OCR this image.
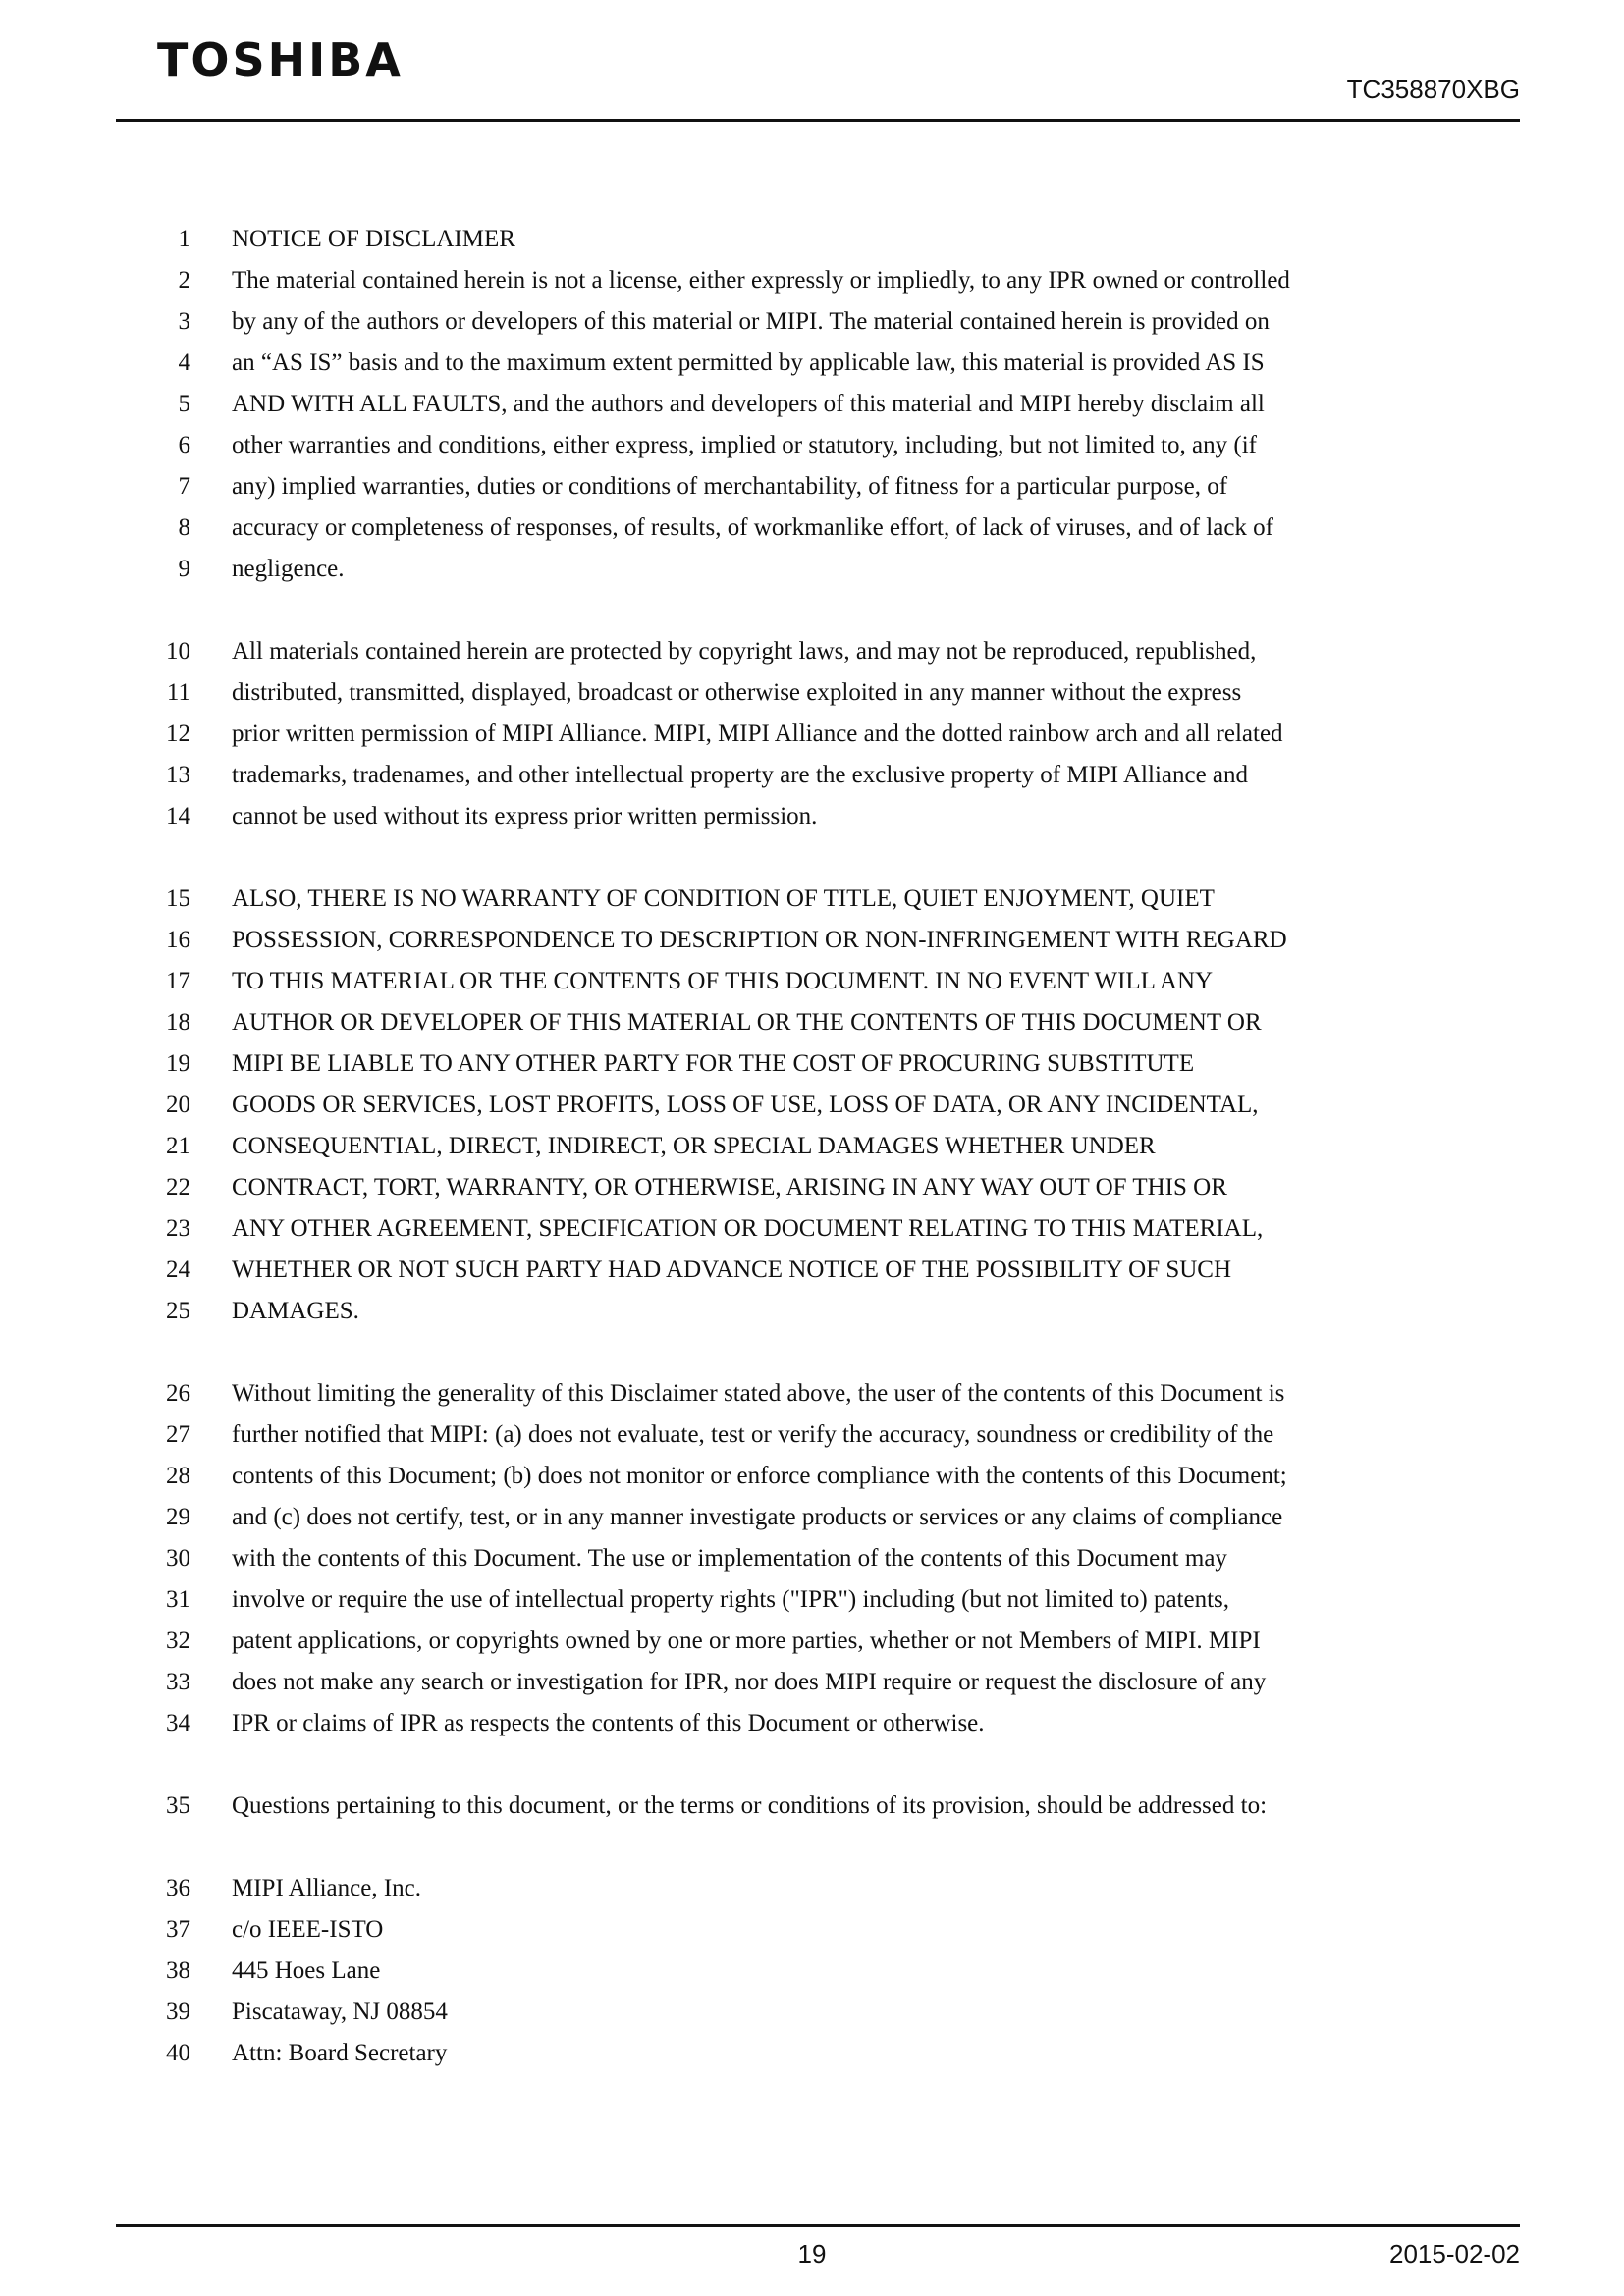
TOSHIBA
TC358870XBG
1 NOTICE OF DISCLAIMER
2 The material contained herein is not a license, either expressly or impliedly, to any IPR owned or controlled
3 by any of the authors or developers of this material or MIPI. The material contained herein is provided on
4 an “AS IS” basis and to the maximum extent permitted by applicable law, this material is provided AS IS
5 AND WITH ALL FAULTS, and the authors and developers of this material and MIPI hereby disclaim all
6 other warranties and conditions, either express, implied or statutory, including, but not limited to, any (if
7 any) implied warranties, duties or conditions of merchantability, of fitness for a particular purpose, of
8 accuracy or completeness of responses, of results, of workmanlike effort, of lack of viruses, and of lack of
9 negligence.
10 All materials contained herein are protected by copyright laws, and may not be reproduced, republished,
11 distributed, transmitted, displayed, broadcast or otherwise exploited in any manner without the express
12 prior written permission of MIPI Alliance. MIPI, MIPI Alliance and the dotted rainbow arch and all related
13 trademarks, tradenames, and other intellectual property are the exclusive property of MIPI Alliance and
14 cannot be used without its express prior written permission.
15 ALSO, THERE IS NO WARRANTY OF CONDITION OF TITLE, QUIET ENJOYMENT, QUIET
16 POSSESSION, CORRESPONDENCE TO DESCRIPTION OR NON-INFRINGEMENT WITH REGARD
17 TO THIS MATERIAL OR THE CONTENTS OF THIS DOCUMENT. IN NO EVENT WILL ANY
18 AUTHOR OR DEVELOPER OF THIS MATERIAL OR THE CONTENTS OF THIS DOCUMENT OR
19 MIPI BE LIABLE TO ANY OTHER PARTY FOR THE COST OF PROCURING SUBSTITUTE
20 GOODS OR SERVICES, LOST PROFITS, LOSS OF USE, LOSS OF DATA, OR ANY INCIDENTAL,
21 CONSEQUENTIAL, DIRECT, INDIRECT, OR SPECIAL DAMAGES WHETHER UNDER
22 CONTRACT, TORT, WARRANTY, OR OTHERWISE, ARISING IN ANY WAY OUT OF THIS OR
23 ANY OTHER AGREEMENT, SPECIFICATION OR DOCUMENT RELATING TO THIS MATERIAL,
24 WHETHER OR NOT SUCH PARTY HAD ADVANCE NOTICE OF THE POSSIBILITY OF SUCH
25 DAMAGES.
26 Without limiting the generality of this Disclaimer stated above, the user of the contents of this Document is
27 further notified that MIPI: (a) does not evaluate, test or verify the accuracy, soundness or credibility of the
28 contents of this Document; (b) does not monitor or enforce compliance with the contents of this Document;
29 and (c) does not certify, test, or in any manner investigate products or services or any claims of compliance
30 with the contents of this Document. The use or implementation of the contents of this Document may
31 involve or require the use of intellectual property rights ("IPR") including (but not limited to) patents,
32 patent applications, or copyrights owned by one or more parties, whether or not Members of MIPI. MIPI
33 does not make any search or investigation for IPR, nor does MIPI require or request the disclosure of any
34 IPR or claims of IPR as respects the contents of this Document or otherwise.
35 Questions pertaining to this document, or the terms or conditions of its provision, should be addressed to:
36 MIPI Alliance, Inc.
37 c/o IEEE-ISTO
38 445 Hoes Lane
39 Piscataway, NJ 08854
40 Attn: Board Secretary
19	2015-02-02
